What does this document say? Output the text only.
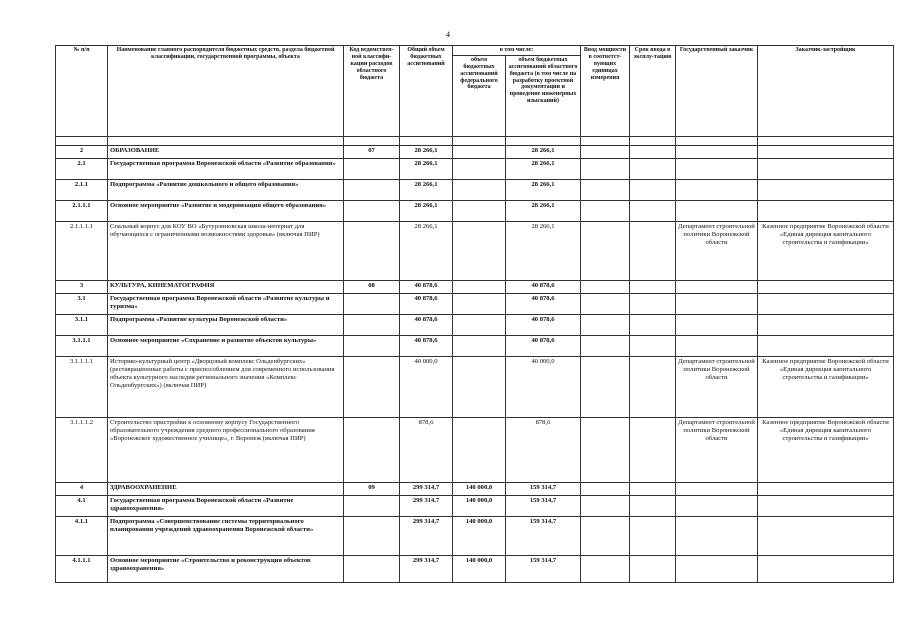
4
№ п/п	Наименование главного распорядителя бюджетных средств, раздела бюджетной классификации, государственной программы, объекта	Код ведомствен-ной классифи-кации расходов областного бюджета	Общий объем бюджетных ассигнований	в том числе:		Ввод мощности в соответст-вующих единицах измерения	Срок ввода в эксплу-тацию	Государственный заказчик	Заказчик-застройщик
				объем бюджетных ассигнований федерального бюджета	объем бюджетных ассигнований областного бюджета (в том числе на разработку проектной документации и проведение инженерных изысканий)				

2	ОБРАЗОВАНИЕ	07	28 266,1		28 266,1				
2.1	Государственная программа Воронежской области «Развитие образования»		28 266,1		28 266,1				
2.1.1	Подпрограмма «Развитие дошкольного и общего образования»		28 266,1		28 266,1				
2.1.1.1	Основное мероприятие «Развитие и модернизация общего образования»		28 266,1		28 266,1				
2.1.1.1.1	Спальный корпус для КОУ ВО «Бутурлиновская школа-интернат для обучающихся с ограниченными возможностями здоровья» (включая ПИР)		28 266,1		28 266,1			Департамент строительной политики Воронежской области	Казенное предприятие Воронежской области «Единая дирекция капитального строительства и газификации»
3	КУЛЬТУРА, КИНЕМАТОГРАФИЯ	08	40 878,6		40 878,6				
3.1	Государственная программа Воронежской области «Развитие культуры и туризма»		40 878,6		40 878,6				
3.1.1	Подпрограмма «Развитие культуры Воронежской области»		40 878,6		40 878,6				
3.1.1.1	Основное мероприятие «Сохранение и развитие объектов культуры»		40 878,6		40 878,6				
3.1.1.1.1	Историко-культурный центр «Дворцовый комплекс Ольденбургских» (реставрационные работы с приспособлением для современного использования объекта культурного наследия регионального значения «Комплекс Ольденбургских») (включая ПИР)		40 000,0		40 000,0			Департамент строительной политики Воронежской области	Казенное предприятие Воронежской области «Единая дирекция капитального строительства и газификации»
3.1.1.1.2	Строительство пристройки к основному корпусу Государственного образовательного учреждения среднего профессионального образования «Воронежское художественное училище», г. Воронеж (включая ПИР)		878,6		878,6			Департамент строительной политики Воронежской области	Казенное предприятие Воронежской области «Единая дирекция капитального строительства и газификации»
4	ЗДРАВООХРАНЕНИЕ	09	299 314,7	140 000,0	159 314,7				
4.1	Государственная программа Воронежской области «Развитие здравоохранения»		299 314,7	140 000,0	159 314,7				
4.1.1	Подпрограмма «Совершенствование системы территориального планирования учреждений здравоохранения Воронежской области»		299 314,7	140 000,0	159 314,7				
4.1.1.1	Основное мероприятие «Строительство и реконструкция объектов здравоохранения»		299 314,7	140 000,0	159 314,7				
